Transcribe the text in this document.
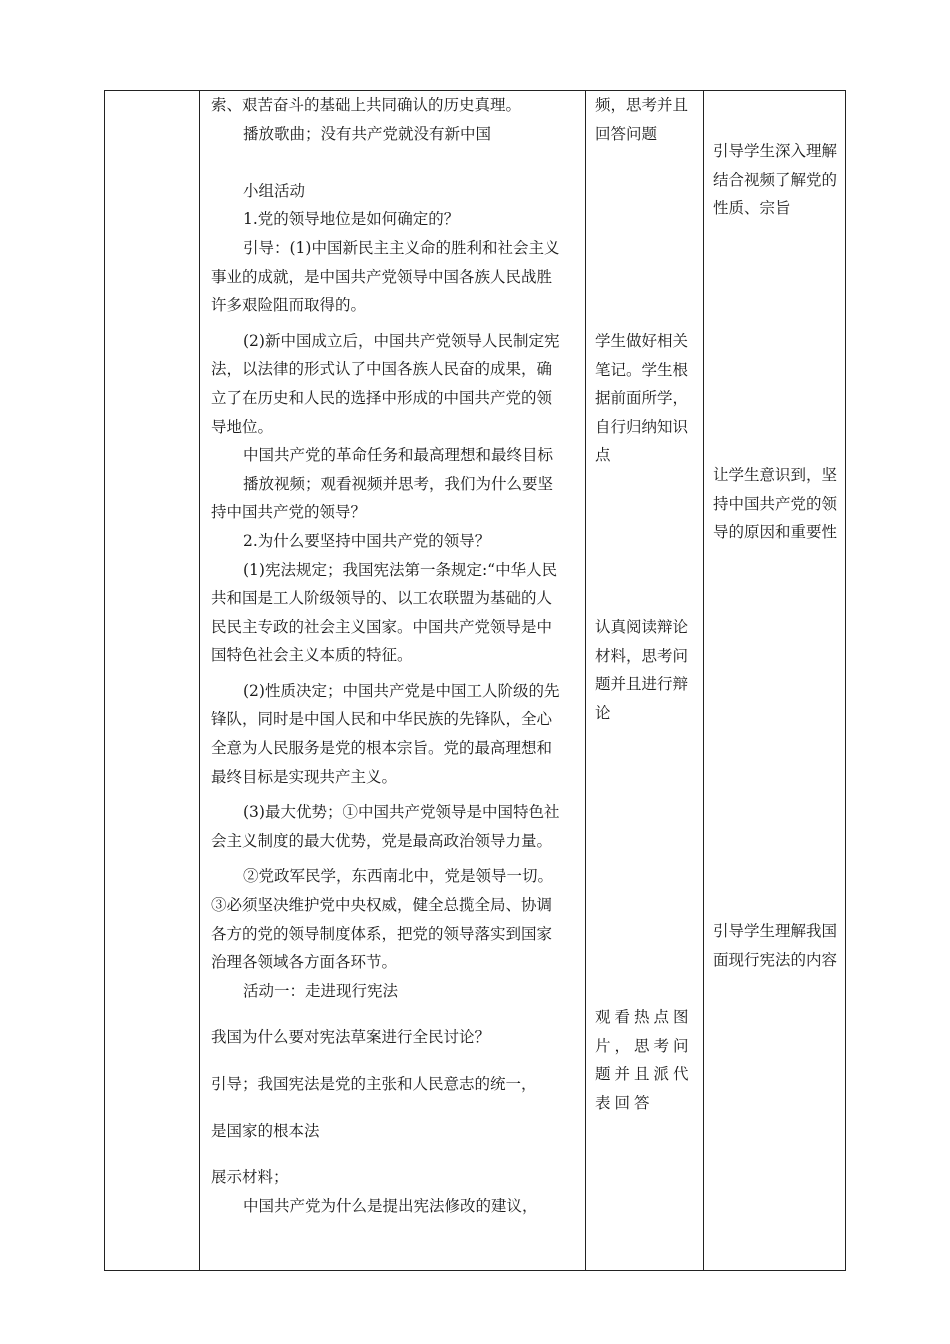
索、艰苦奋斗的基础上共同确认的历史真理。

播放歌曲；没有共产党就没有新中国

小组活动

1.党的领导地位是如何确定的？

引导：(1)中国新民主主义命的胜利和社会主义事业的成就，是中国共产党领导中国各族人民战胜许多艰险阻而取得的。

(2)新中国成立后，中国共产党领导人民制定宪法，以法律的形式认了中国各族人民奋的成果，确立了在历史和人民的选择中形成的中国共产党的领导地位。

中国共产党的革命任务和最高理想和最终目标

播放视频；观看视频并思考，我们为什么要坚持中国共产党的领导？

2.为什么要坚持中国共产党的领导？

(1)宪法规定；我国宪法第一条规定:“中华人民共和国是工人阶级领导的、以工农联盟为基础的人民民主专政的社会主义国家。中国共产党领导是中国特色社会主义本质的特征。

(2)性质决定；中国共产党是中国工人阶级的先锋队，同时是中国人民和中华民族的先锋队，全心全意为人民服务是党的根本宗旨。党的最高理想和最终目标是实现共产主义。

(3)最大优势；①中国共产党领导是中国特色社会主义制度的最大优势，党是最高政治领导力量。

②党政军民学，东西南北中，党是领导一切。③必须坚决维护党中央权威，健全总揽全局、协调各方的党的领导制度体系，把党的领导落实到国家治理各领域各方面各环节。

活动一：走进现行宪法

我国为什么要对宪法草案进行全民讨论？

引导；我国宪法是党的主张和人民意志的统一，

是国家的根本法

展示材料；

中国共产党为什么是提出宪法修改的建议，

频，思考并且回答问题

学生做好相关笔记。学生根据前面所学，自行归纳知识点

认真阅读辩论材料，思考问题并且进行辩论

观看热点图片，思考问题并且派代表回答

引导学生深入理解结合视频了解党的性质、宗旨

让学生意识到，坚持中国共产党的领导的原因和重要性

引导学生理解我国面现行宪法的内容
